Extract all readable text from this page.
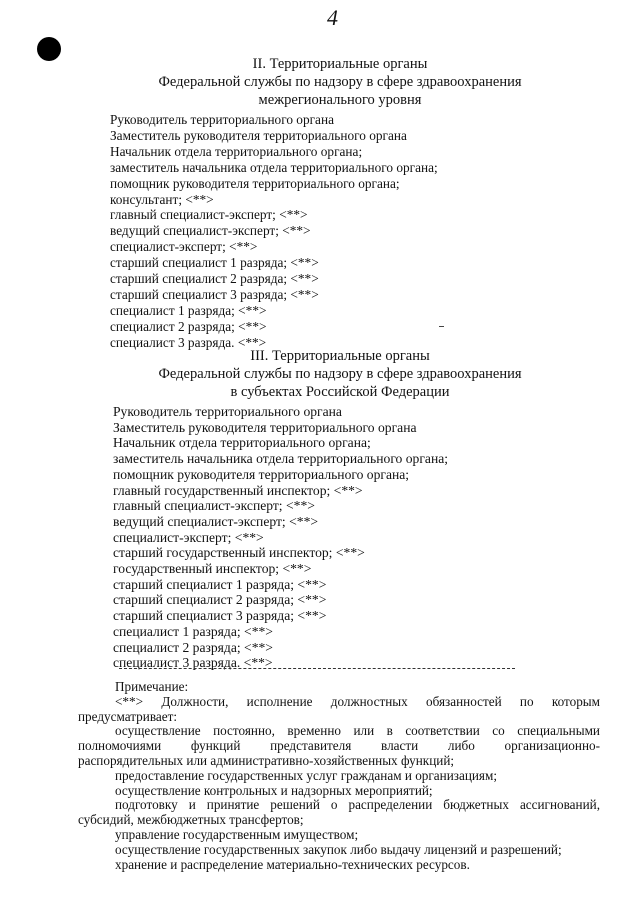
4
II. Территориальные органы
Федеральной службы по надзору в сфере здравоохранения
межрегионального уровня
Руководитель территориального органа
Заместитель руководителя территориального органа
Начальник отдела территориального органа;
заместитель начальника отдела территориального органа;
помощник руководителя территориального органа;
консультант; <**>
главный специалист-эксперт; <**>
ведущий специалист-эксперт; <**>
специалист-эксперт; <**>
старший специалист 1 разряда; <**>
старший специалист 2 разряда; <**>
старший специалист 3 разряда; <**>
специалист 1 разряда; <**>
специалист 2 разряда; <**>
специалист 3 разряда. <**>
III. Территориальные органы
Федеральной службы по надзору в сфере здравоохранения
в субъектах Российской Федерации
Руководитель территориального органа
Заместитель руководителя территориального органа
Начальник отдела территориального органа;
заместитель начальника отдела территориального органа;
помощник руководителя территориального органа;
главный государственный инспектор; <**>
главный специалист-эксперт; <**>
ведущий специалист-эксперт; <**>
специалист-эксперт; <**>
старший государственный инспектор; <**>
государственный инспектор; <**>
старший специалист 1 разряда; <**>
старший специалист 2 разряда; <**>
старший специалист 3 разряда; <**>
специалист 1 разряда; <**>
специалист 2 разряда; <**>
специалист 3 разряда. <**>
Примечание:
<**> Должности, исполнение должностных обязанностей по которым
предусматривает:
осуществление постоянно, временно или в соответствии со специальными
полномочиями функций представителя власти либо организационно-
распорядительных или административно-хозяйственных функций;
предоставление государственных услуг гражданам и организациям;
осуществление контрольных и надзорных мероприятий;
подготовку и принятие решений о распределении бюджетных ассигнований,
субсидий, межбюджетных трансфертов;
управление государственным имуществом;
осуществление государственных закупок либо выдачу лицензий и разрешений;
хранение и распределение материально-технических ресурсов.
